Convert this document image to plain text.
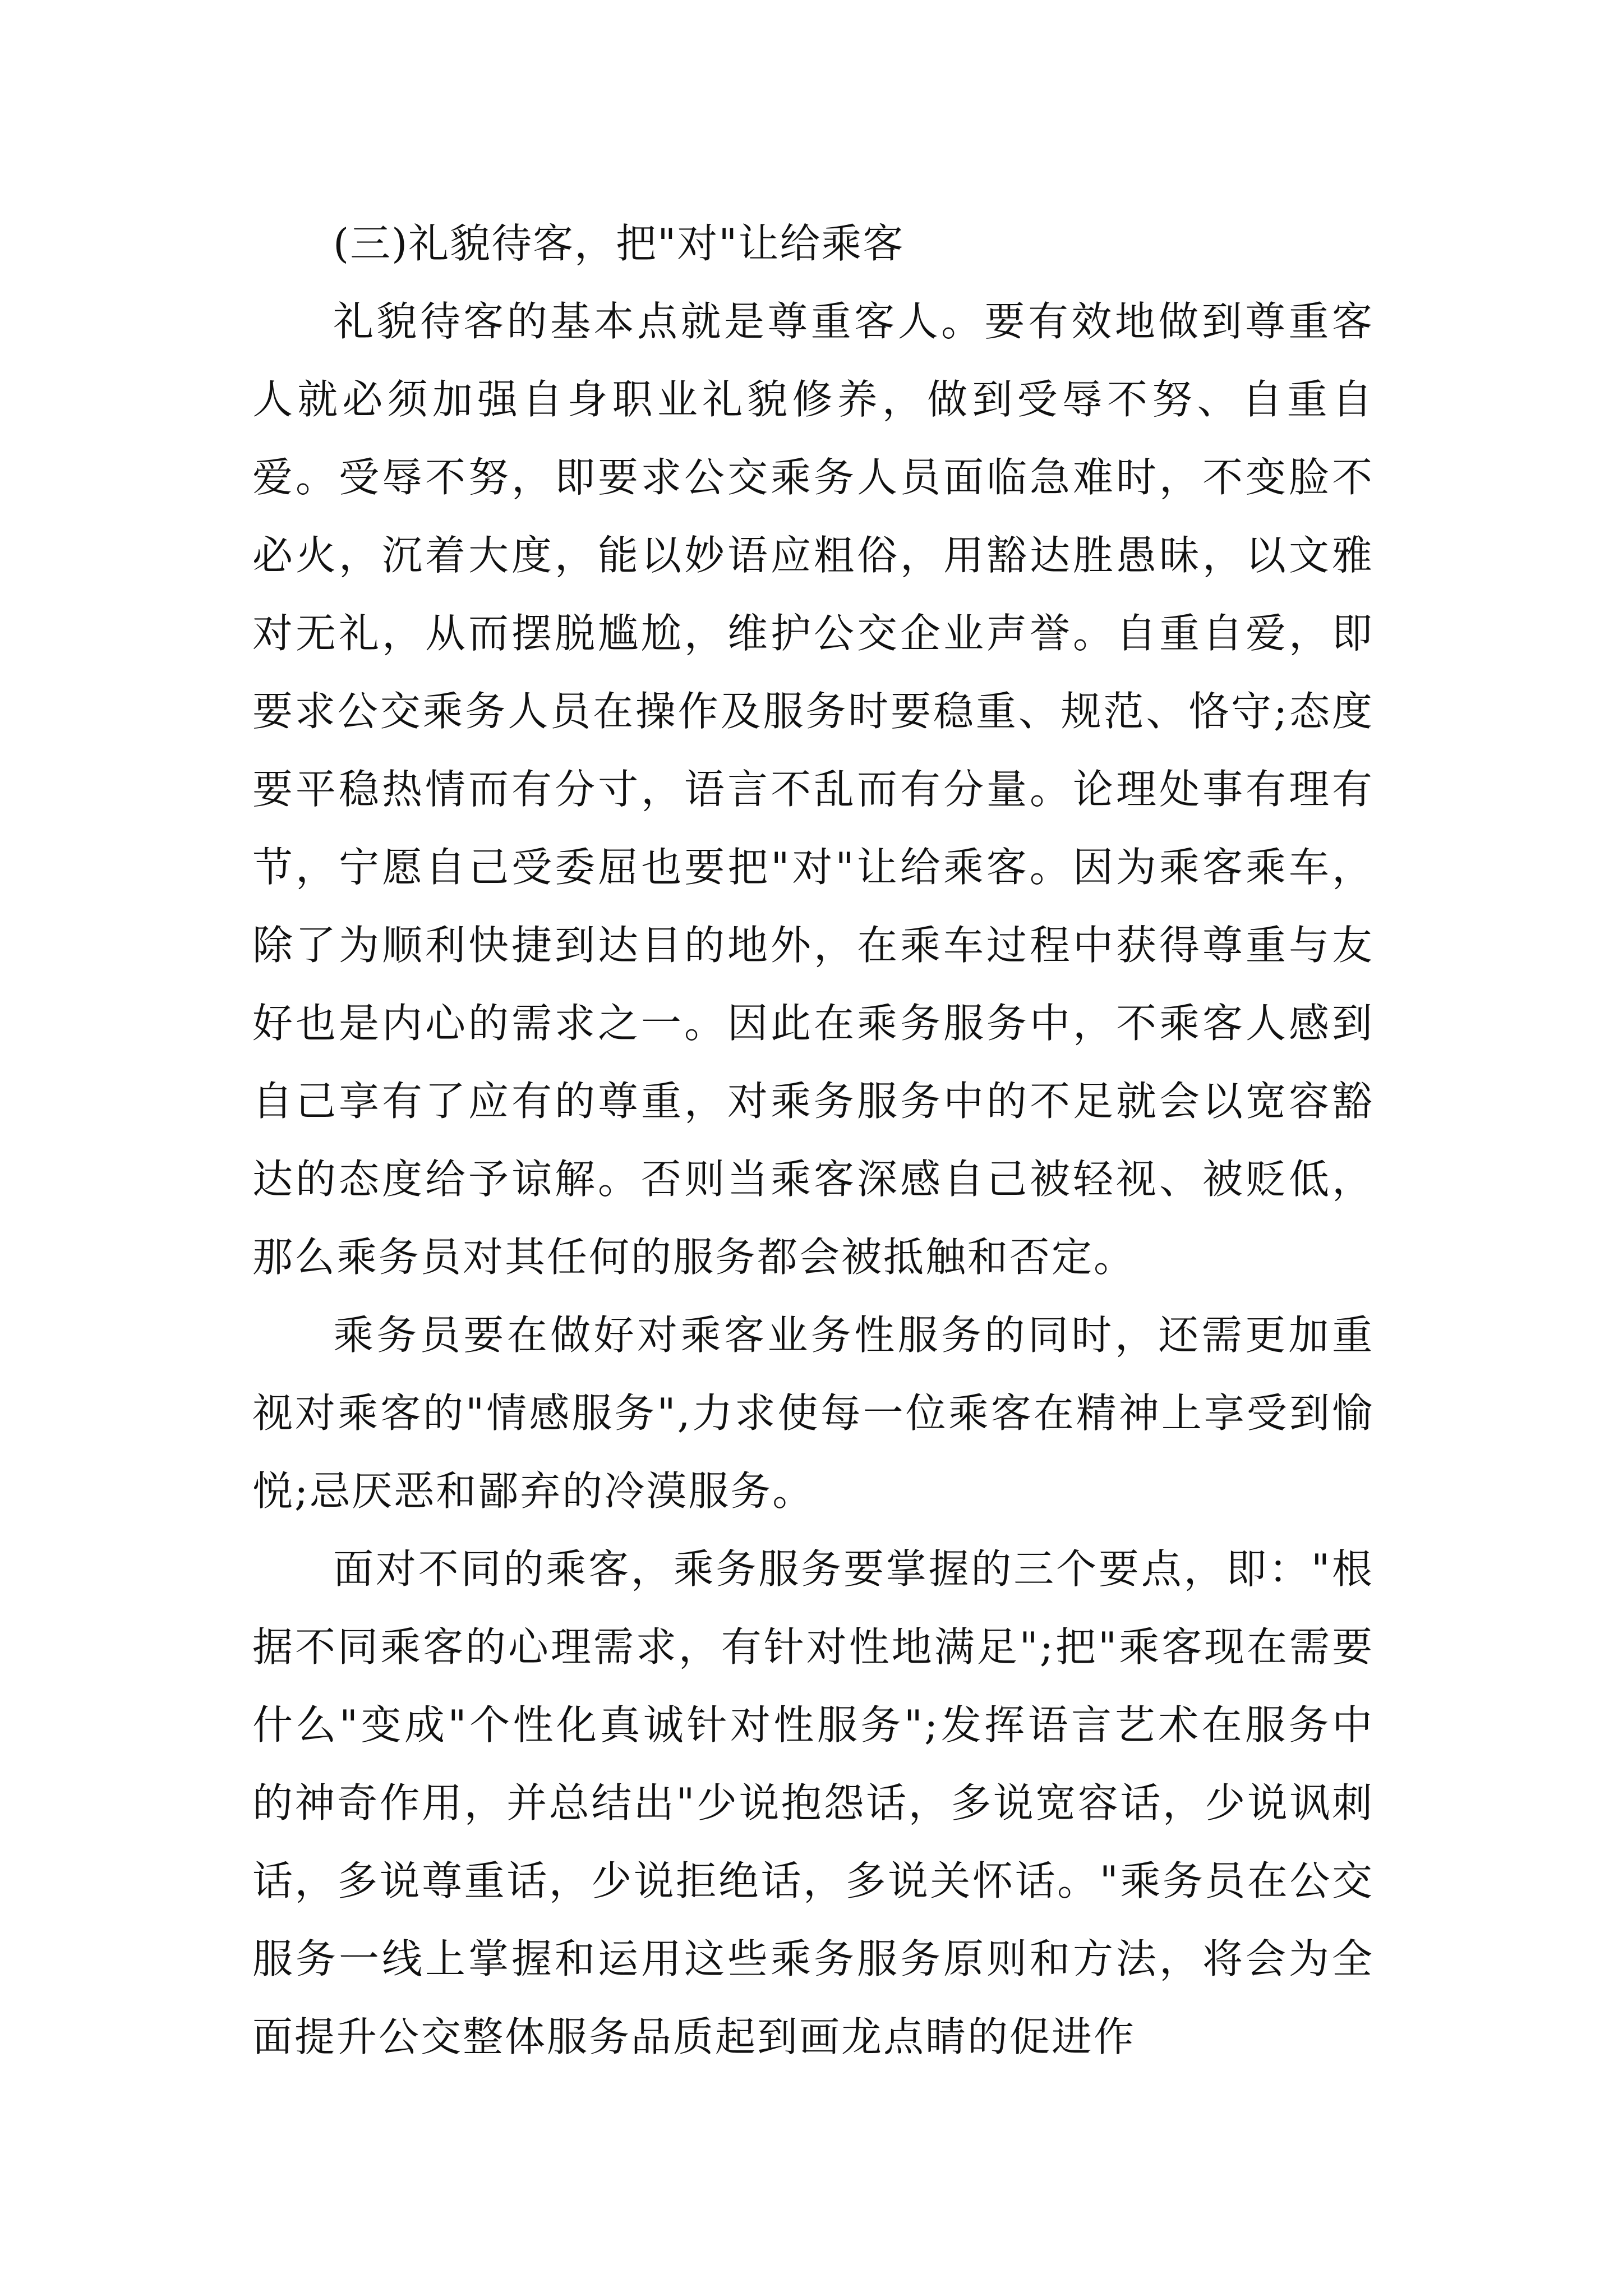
(三)礼貌待客，把"对"让给乘客

礼貌待客的基本点就是尊重客人。要有效地做到尊重客人就必须加强自身职业礼貌修养，做到受辱不努、自重自爱。受辱不努，即要求公交乘务人员面临急难时，不变脸不必火，沉着大度，能以妙语应粗俗，用豁达胜愚昧，以文雅对无礼，从而摆脱尴尬，维护公交企业声誉。自重自爱，即要求公交乘务人员在操作及服务时要稳重、规范、恪守;态度要平稳热情而有分寸，语言不乱而有分量。论理处事有理有节，宁愿自己受委屈也要把"对"让给乘客。因为乘客乘车，除了为顺利快捷到达目的地外，在乘车过程中获得尊重与友好也是内心的需求之一。因此在乘务服务中，不乘客人感到自己享有了应有的尊重，对乘务服务中的不足就会以宽容豁达的态度给予谅解。否则当乘客深感自己被轻视、被贬低，那么乘务员对其任何的服务都会被抵触和否定。

乘务员要在做好对乘客业务性服务的同时，还需更加重视对乘客的"情感服务",力求使每一位乘客在精神上享受到愉悦;忌厌恶和鄙弃的冷漠服务。

面对不同的乘客，乘务服务要掌握的三个要点，即："根据不同乘客的心理需求，有针对性地满足";把"乘客现在需要什么"变成"个性化真诚针对性服务";发挥语言艺术在服务中的神奇作用，并总结出"少说抱怨话，多说宽容话，少说讽刺话，多说尊重话，少说拒绝话，多说关怀话。"乘务员在公交服务一线上掌握和运用这些乘务服务原则和方法，将会为全面提升公交整体服务品质起到画龙点睛的促进作
